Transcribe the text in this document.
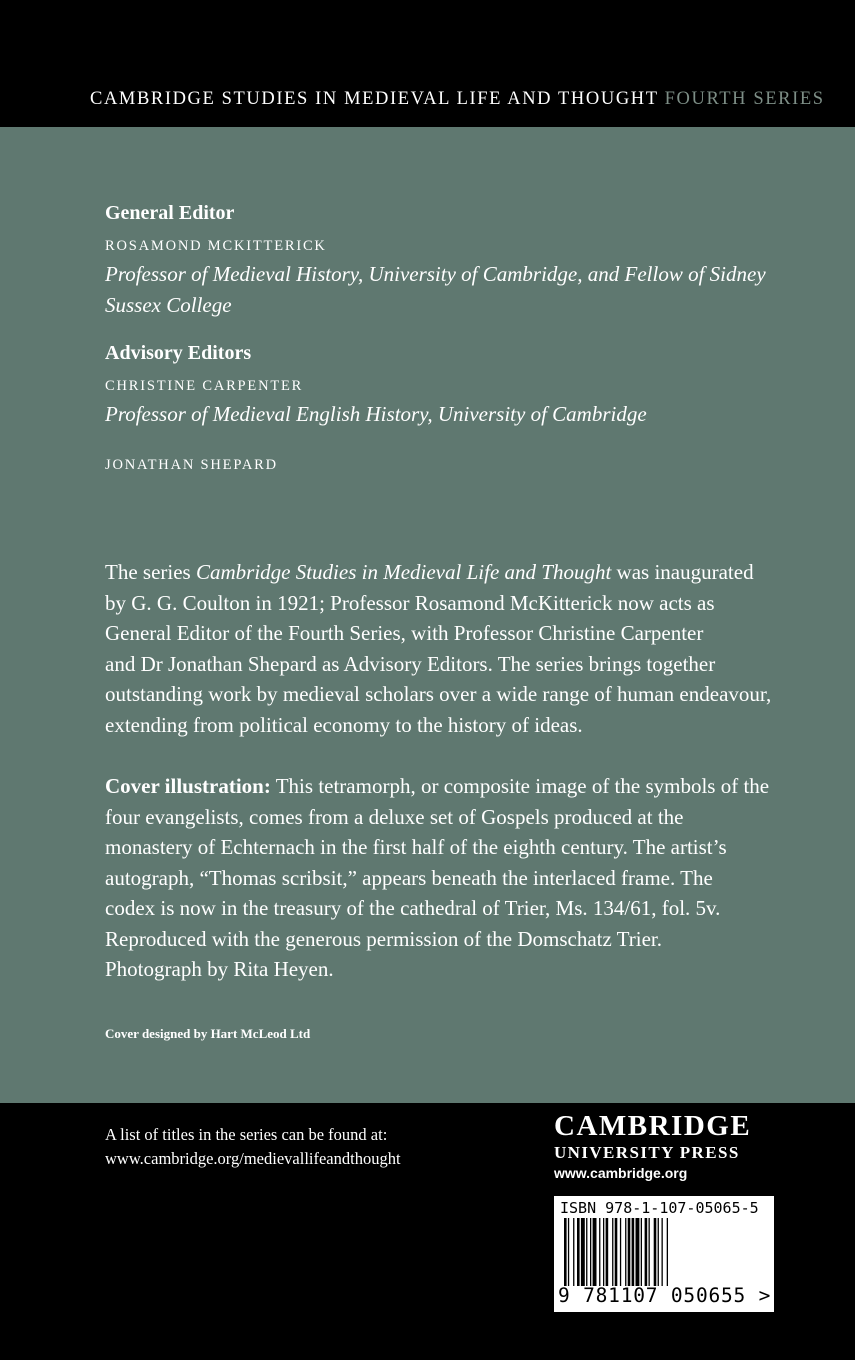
CAMBRIDGE STUDIES IN MEDIEVAL LIFE AND THOUGHT FOURTH SERIES
General Editor
ROSAMOND MCKITTERICK
Professor of Medieval History, University of Cambridge, and Fellow of Sidney
Sussex College
Advisory Editors
CHRISTINE CARPENTER
Professor of Medieval English History, University of Cambridge
JONATHAN SHEPARD
The series Cambridge Studies in Medieval Life and Thought was inaugurated
by G. G. Coulton in 1921; Professor Rosamond McKitterick now acts as
General Editor of the Fourth Series, with Professor Christine Carpenter
and Dr Jonathan Shepard as Advisory Editors. The series brings together
outstanding work by medieval scholars over a wide range of human endeavour,
extending from political economy to the history of ideas.
Cover illustration: This tetramorph, or composite image of the symbols of the
four evangelists, comes from a deluxe set of Gospels produced at the
monastery of Echternach in the first half of the eighth century. The artist’s
autograph, “Thomas scribsit,” appears beneath the interlaced frame. The
codex is now in the treasury of the cathedral of Trier, Ms. 134/61, fol. 5v.
Reproduced with the generous permission of the Domschatz Trier.
Photograph by Rita Heyen.
Cover designed by Hart McLeod Ltd
A list of titles in the series can be found at:
www.cambridge.org/medievallifeandthought
CAMBRIDGE
UNIVERSITY PRESS
www.cambridge.org
ISBN 978-1-107-05065-5
9 781107 050655 >
